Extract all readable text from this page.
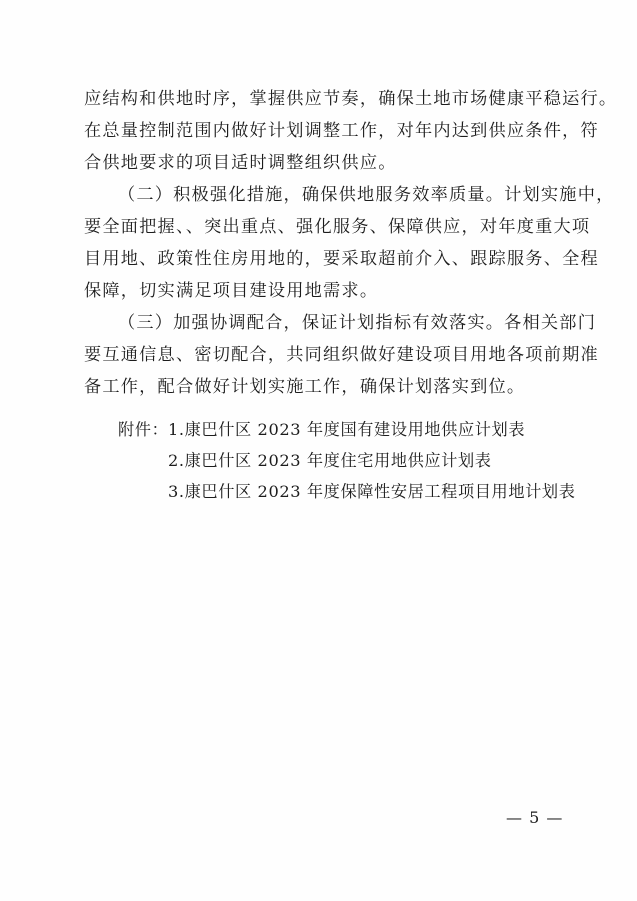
应结构和供地时序，掌握供应节奏，确保土地市场健康平稳运行。
在总量控制范围内做好计划调整工作，对年内达到供应条件，符
合供地要求的项目适时调整组织供应。
（二）积极强化措施，确保供地服务效率质量。计划实施中，
要全面把握、、突出重点、强化服务、保障供应，对年度重大项
目用地、政策性住房用地的，要采取超前介入、跟踪服务、全程
保障，切实满足项目建设用地需求。
（三）加强协调配合，保证计划指标有效落实。各相关部门
要互通信息、密切配合，共同组织做好建设项目用地各项前期准
备工作，配合做好计划实施工作，确保计划落实到位。
附件： 1.康巴什区 2023 年度国有建设用地供应计划表
2.康巴什区 2023 年度住宅用地供应计划表
3.康巴什区 2023 年度保障性安居工程项目用地计划表
— 5 —
